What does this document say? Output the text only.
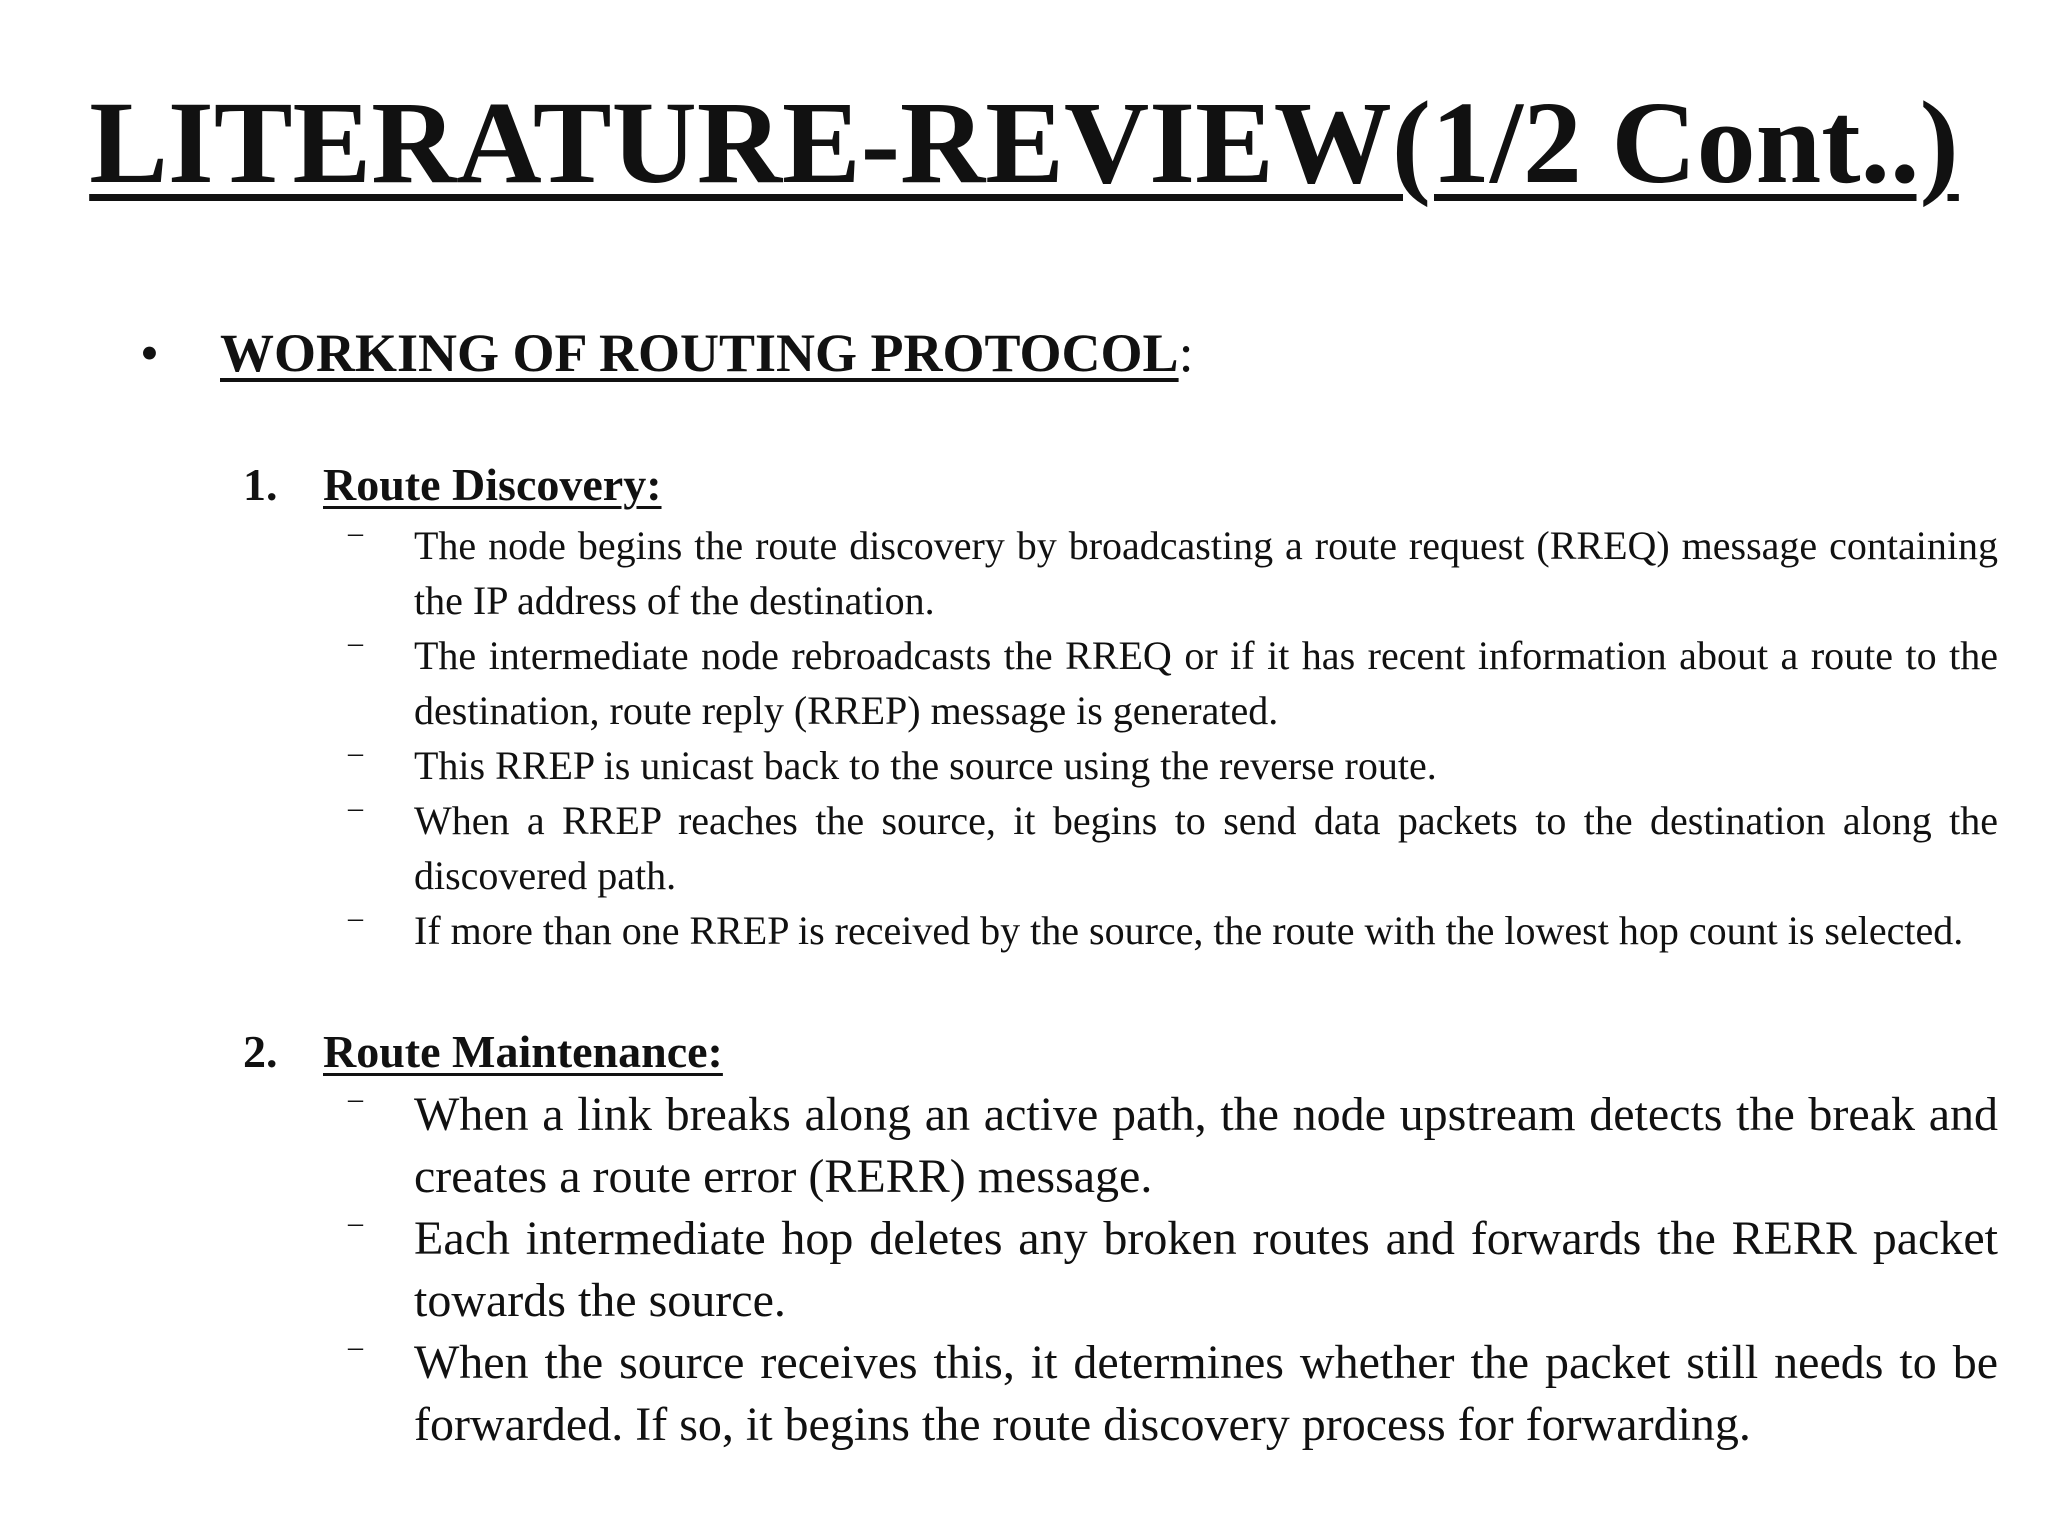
LITERATURE-REVIEW(1/2 Cont..)
• WORKING OF ROUTING PROTOCOL:
1. Route Discovery:
– The node begins the route discovery by broadcasting a route request (RREQ) message containing the IP address of the destination.
– The intermediate node rebroadcasts the RREQ or if it has recent information about a route to the destination, route reply (RREP) message is generated.
– This RREP is unicast back to the source using the reverse route.
– When a RREP reaches the source, it begins to send data packets to the destination along the discovered path.
– If more than one RREP is received by the source, the route with the lowest hop count is selected.
2. Route Maintenance:
– When a link breaks along an active path, the node upstream detects the break and creates a route error (RERR) message.
– Each intermediate hop deletes any broken routes and forwards the RERR packet towards the source.
– When the source receives this, it determines whether the packet still needs to be forwarded. If so, it begins the route discovery process for forwarding.
